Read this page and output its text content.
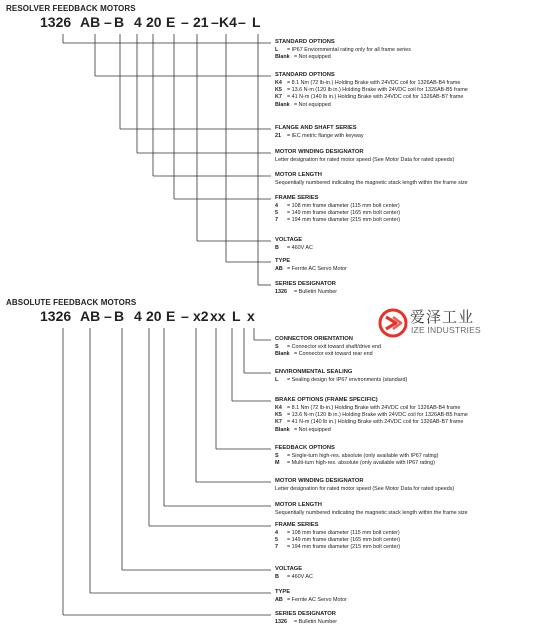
RESOLVER FEEDBACK MOTORS
1326 AB – B 4 20 E – 21 – K4 – L
STANDARD OPTIONS
L = IP67 Enviornmental rating only for all frame series
Blank = Not equipped
STANDARD OPTIONS
K4 = 8.1 Nm (72 lb-in.) Holding Brake with 24VDC coil for 1326AB-B4 frame
K5 = 13.6 N-m (120 lb in.) Holding Brake with 24VDC coil for 1326AB-B5 frame
K7 = 41 N-m (140 lb in.) Holding Brake with 24VDC coil for 1326AB-B7 frame
Blank = Not equipped
FLANGE AND SHAFT SERIES
21 = IEC metric flange with keyway
MOTOR WINDING DESIGNATOR
Letter designation for rated motor speed (See Motor Data for rated speeds)
MOTOR LENGTH
Sequentially numbered indicating the magnetic stack length within the frame size
FRAME SERIES
4 = 108 mm frame diameter (115 mm bolt center)
5 = 149 mm frame diameter (165 mm bolt center)
7 = 194 mm frame diameter (215 mm bolt center)
VOLTAGE
B = 460V AC
TYPE
AB = Ferrite AC Servo Motor
SERIES DESIGNATOR
1326 = Bulletin Number
ABSOLUTE FEEDBACK MOTORS
1326 AB – B 4 20 E – x2 xx L x
CONNECTOR ORIENTATION
S = Connector exit toward shaft/drive end
Blank = Connector exit toward rear end
ENVIRONMENTAL SEALING
L = Sealing design for IP67 environments (standard)
BRAKE OPTIONS (FRAME SPECIFIC)
K4 = 8.1 Nm (72 lb-in.) Holding Brake with 24VDC coil for 1326AB-B4 frame
K5 = 13.6 N-m (120 lb in.) Holding Brake with 24VDC coil for 1326AB-B5 frame
K7 = 41 N-m (140 lb in.) Holding Brake with 24VDC coil for 1326AB-B7 frame
Blank = Not equipped
FEEDBACK OPTIONS
S = Single-turn high-res. absolute (only available with IP67 rating)
M = Multi-turn high-res. absolute (only available with IP67 rating)
MOTOR WINDING DESIGNATOR
Letter designation for rated motor speed (See Motor Data for rated speeds)
MOTOR LENGTH
Sequentially numbered indicating the magnetic stack length within the frame size
FRAME SERIES
4 = 108 mm frame diameter (115 mm bolt center)
5 = 149 mm frame diameter (165 mm bolt center)
7 = 194 mm frame diameter (215 mm bolt center)
VOLTAGE
B = 460V AC
TYPE
AB = Ferrite AC Servo Motor
SERIES DESIGNATOR
1326 = Bulletin Number
爱泽工业
IZE INDUSTRIES
